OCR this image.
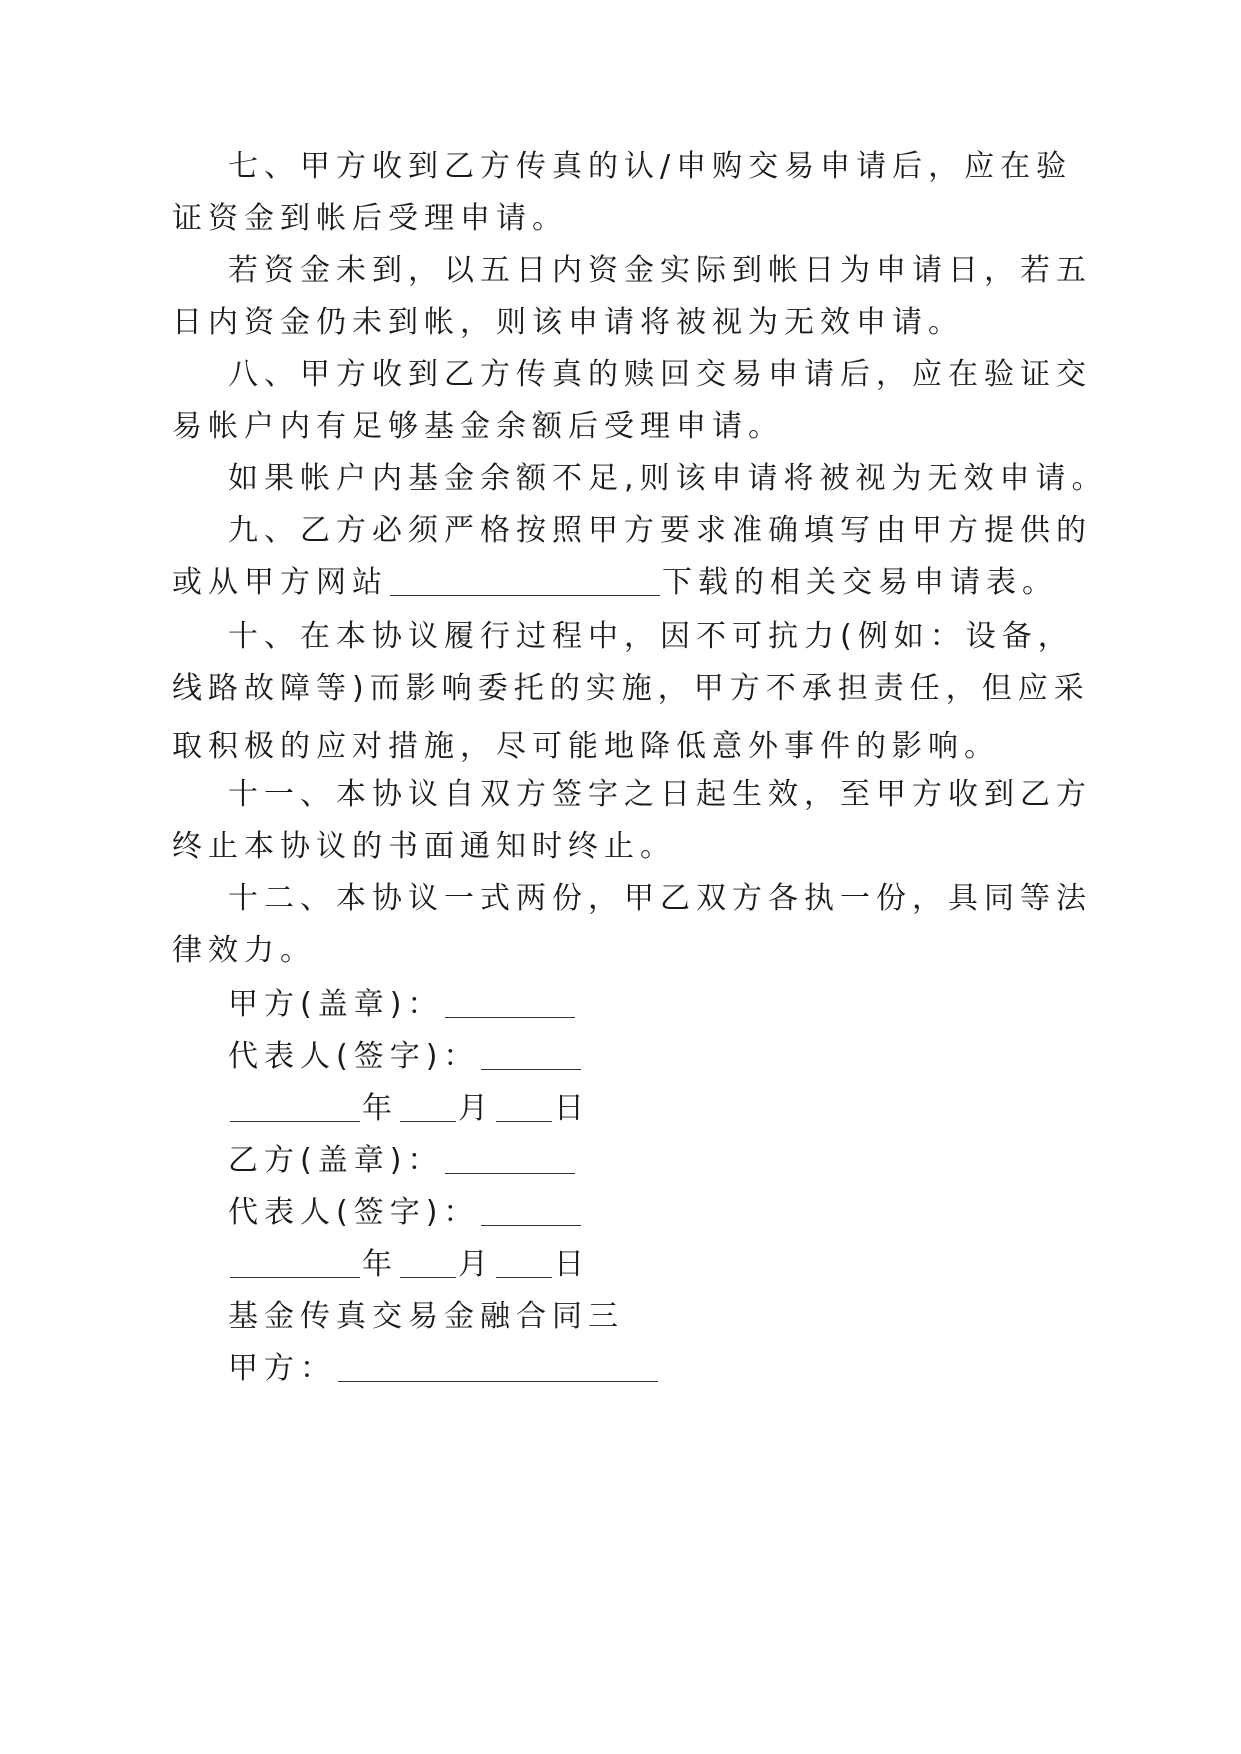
七、甲方收到乙方传真的认/申购交易申请后，应在验
证资金到帐后受理申请。
若资金未到，以五日内资金实际到帐日为申请日，若五
日内资金仍未到帐，则该申请将被视为无效申请。
八、甲方收到乙方传真的赎回交易申请后，应在验证交
易帐户内有足够基金余额后受理申请。
如果帐户内基金余额不足,则该申请将被视为无效申请。
九、乙方必须严格按照甲方要求准确填写由甲方提供的
或从甲方网站	下载的相关交易申请表。
十、在本协议履行过程中，因不可抗力(例如：设备，
线路故障等)而影响委托的实施，甲方不承担责任，但应采
取积极的应对措施，尽可能地降低意外事件的影响。
十一、本协议自双方签字之日起生效，至甲方收到乙方
终止本协议的书面通知时终止。
十二、本协议一式两份，甲乙双方各执一份，具同等法
律效力。
甲方(盖章)：
代表人(签字)：
年 月 日
乙方(盖章)：
代表人(签字)：
年 月 日
基金传真交易金融合同三
甲方：
